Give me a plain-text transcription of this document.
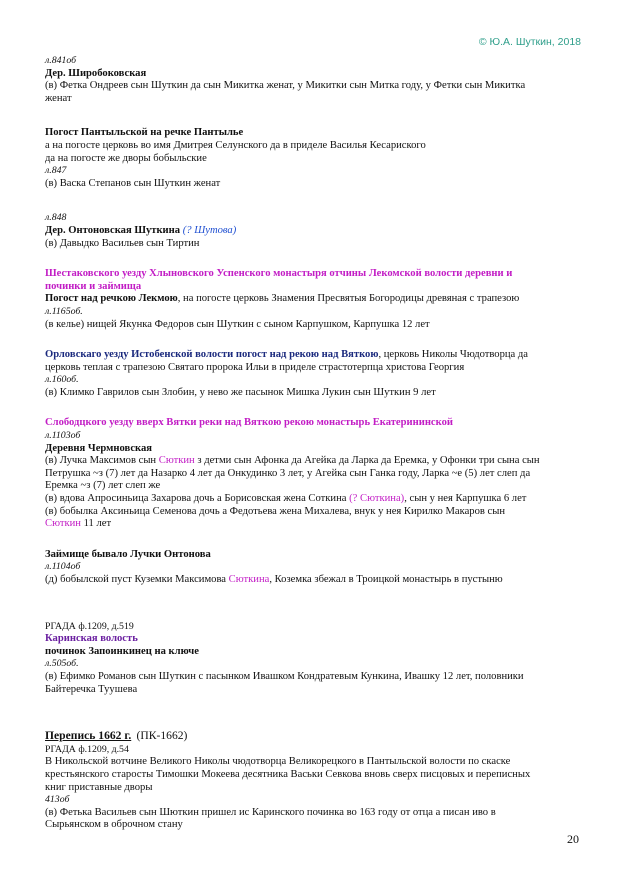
© Ю.А. Шуткин, 2018
л.841об
Дер. Широбоковская
(в) Фетка Ондреев сын Шуткин да сын Микитка женат, у Микитки сын Митка году, у Фетки сын Микитка
женат
Погост Пантыльской на речке Пантылье
а на погосте церковь во имя Дмитрея Селунского да в приделе Василья Кесариского
да на погосте же дворы бобыльские
л.847
(в) Васка Степанов сын Шуткин женат
л.848
Дер. Онтоновская Шуткина (? Шутова)
(в) Давыдко Васильев сын Тиртин
Шестаковского уезду Хлыновского Успенского монастыря отчины Лекомской волости деревни и
починки и займища
Погост над речкою Лекмою, на погосте церковь Знамения Пресвятыя Богородицы древяная с трапезою
л.1165об.
(в келье) нищей Якунка Федоров сын Шуткин с сыном Карпушком, Карпушка 12 лет
Орловскаго уезду Истобенской волости погост над рекою над Вяткою, церковь Николы Чюдотворца да
церковь теплая с трапезою Святаго пророка Ильи в приделе страстотерпца христова Георгия
л.160об.
(в) Климко Гаврилов сын Злобин, у нево же пасынок Мишка Лукин сын Шуткин 9 лет
Слободцкого уезду вверх Вятки реки над Вяткою рекою монастырь Екатерининской
л.1103об
Деревня Чермновская
(в) Лучка Максимов сын Сюткин з детми сын Афонка да Агейка да Ларка да Еремка, у Офонки три сына сын
Петрушка ~з (7) лет да Назарко 4 лет да Онкудинко 3 лет, у Агейка сын Ганка году, Ларка ~е (5) лет слеп да
Еремка ~з (7) лет слеп же
(в) вдова Апросиньица Захарова дочь а Борисовская жена Соткина (? Сюткина), сын у нея Карпушка 6 лет
(в) бобылка Аксиньица Семенова дочь а Федотьева жена Михалева, внук у нея Кирилко Макаров сын
Сюткин 11 лет
Займище бывало Лучки Онтонова
л.1104об
(д) бобылской пуст Куземки Максимова Сюткина, Коземка збежал в Троицкой монастырь в пустыню
РГАДА ф.1209, д.519
Каринская волость
починок Запоинкинец на ключе
л.505об.
(в) Ефимко Романов сын Шуткин с пасынком Ивашком Кондратевым Кункина, Ивашку 12 лет, половники
Байтеречка Туушева
Перепись 1662 г. (ПК-1662)
РГАДА ф.1209, д.54
В Никольской вотчине Великого Николы чюдотворца Великорецкого в Пантыльской волости по скаске
крестьянского старосты Тимошки Мокеева десятника Васьки Севкова вновь сверх писцовых и переписных
книг приставные дворы
413об
(в) Фетька Васильев сын Шюткин пришел ис Каринского починка во 163 году от отца а писан иво в
Сырьянском в оброчном стану
20
